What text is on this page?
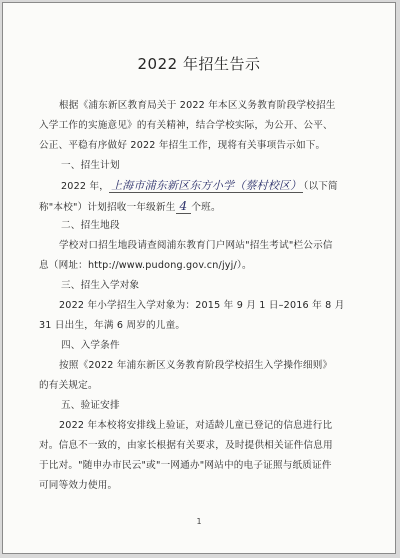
2022 年招生告示
根据《浦东新区教育局关于 2022 年本区义务教育阶段学校招生
入学工作的实施意见》的有关精神，结合学校实际，为公开、公平、
公正、平稳有序做好 2022 年招生工作，现将有关事项告示如下。
一、招生计划
2022 年， 上海市浦东新区东方小学（蔡村校区） （以下简
称"本校"）计划招收一年级新生 4 个班。
二、招生地段
学校对口招生地段请查阅浦东教育门户网站"招生考试"栏公示信
息（网址：http://www.pudong.gov.cn/jyj/）。
三、招生入学对象
2022 年小学招生入学对象为：2015 年 9 月 1 日–2016 年 8 月
31 日出生，年满 6 周岁的儿童。
四、入学条件
按照《2022 年浦东新区义务教育阶段学校招生入学操作细则》
的有关规定。
五、验证安排
2022 年本校将安排线上验证，对适龄儿童已登记的信息进行比
对。信息不一致的，由家长根据有关要求，及时提供相关证件信息用
于比对。"随申办市民云"或"一网通办"网站中的电子证照与纸质证件
可同等效力使用。
1
